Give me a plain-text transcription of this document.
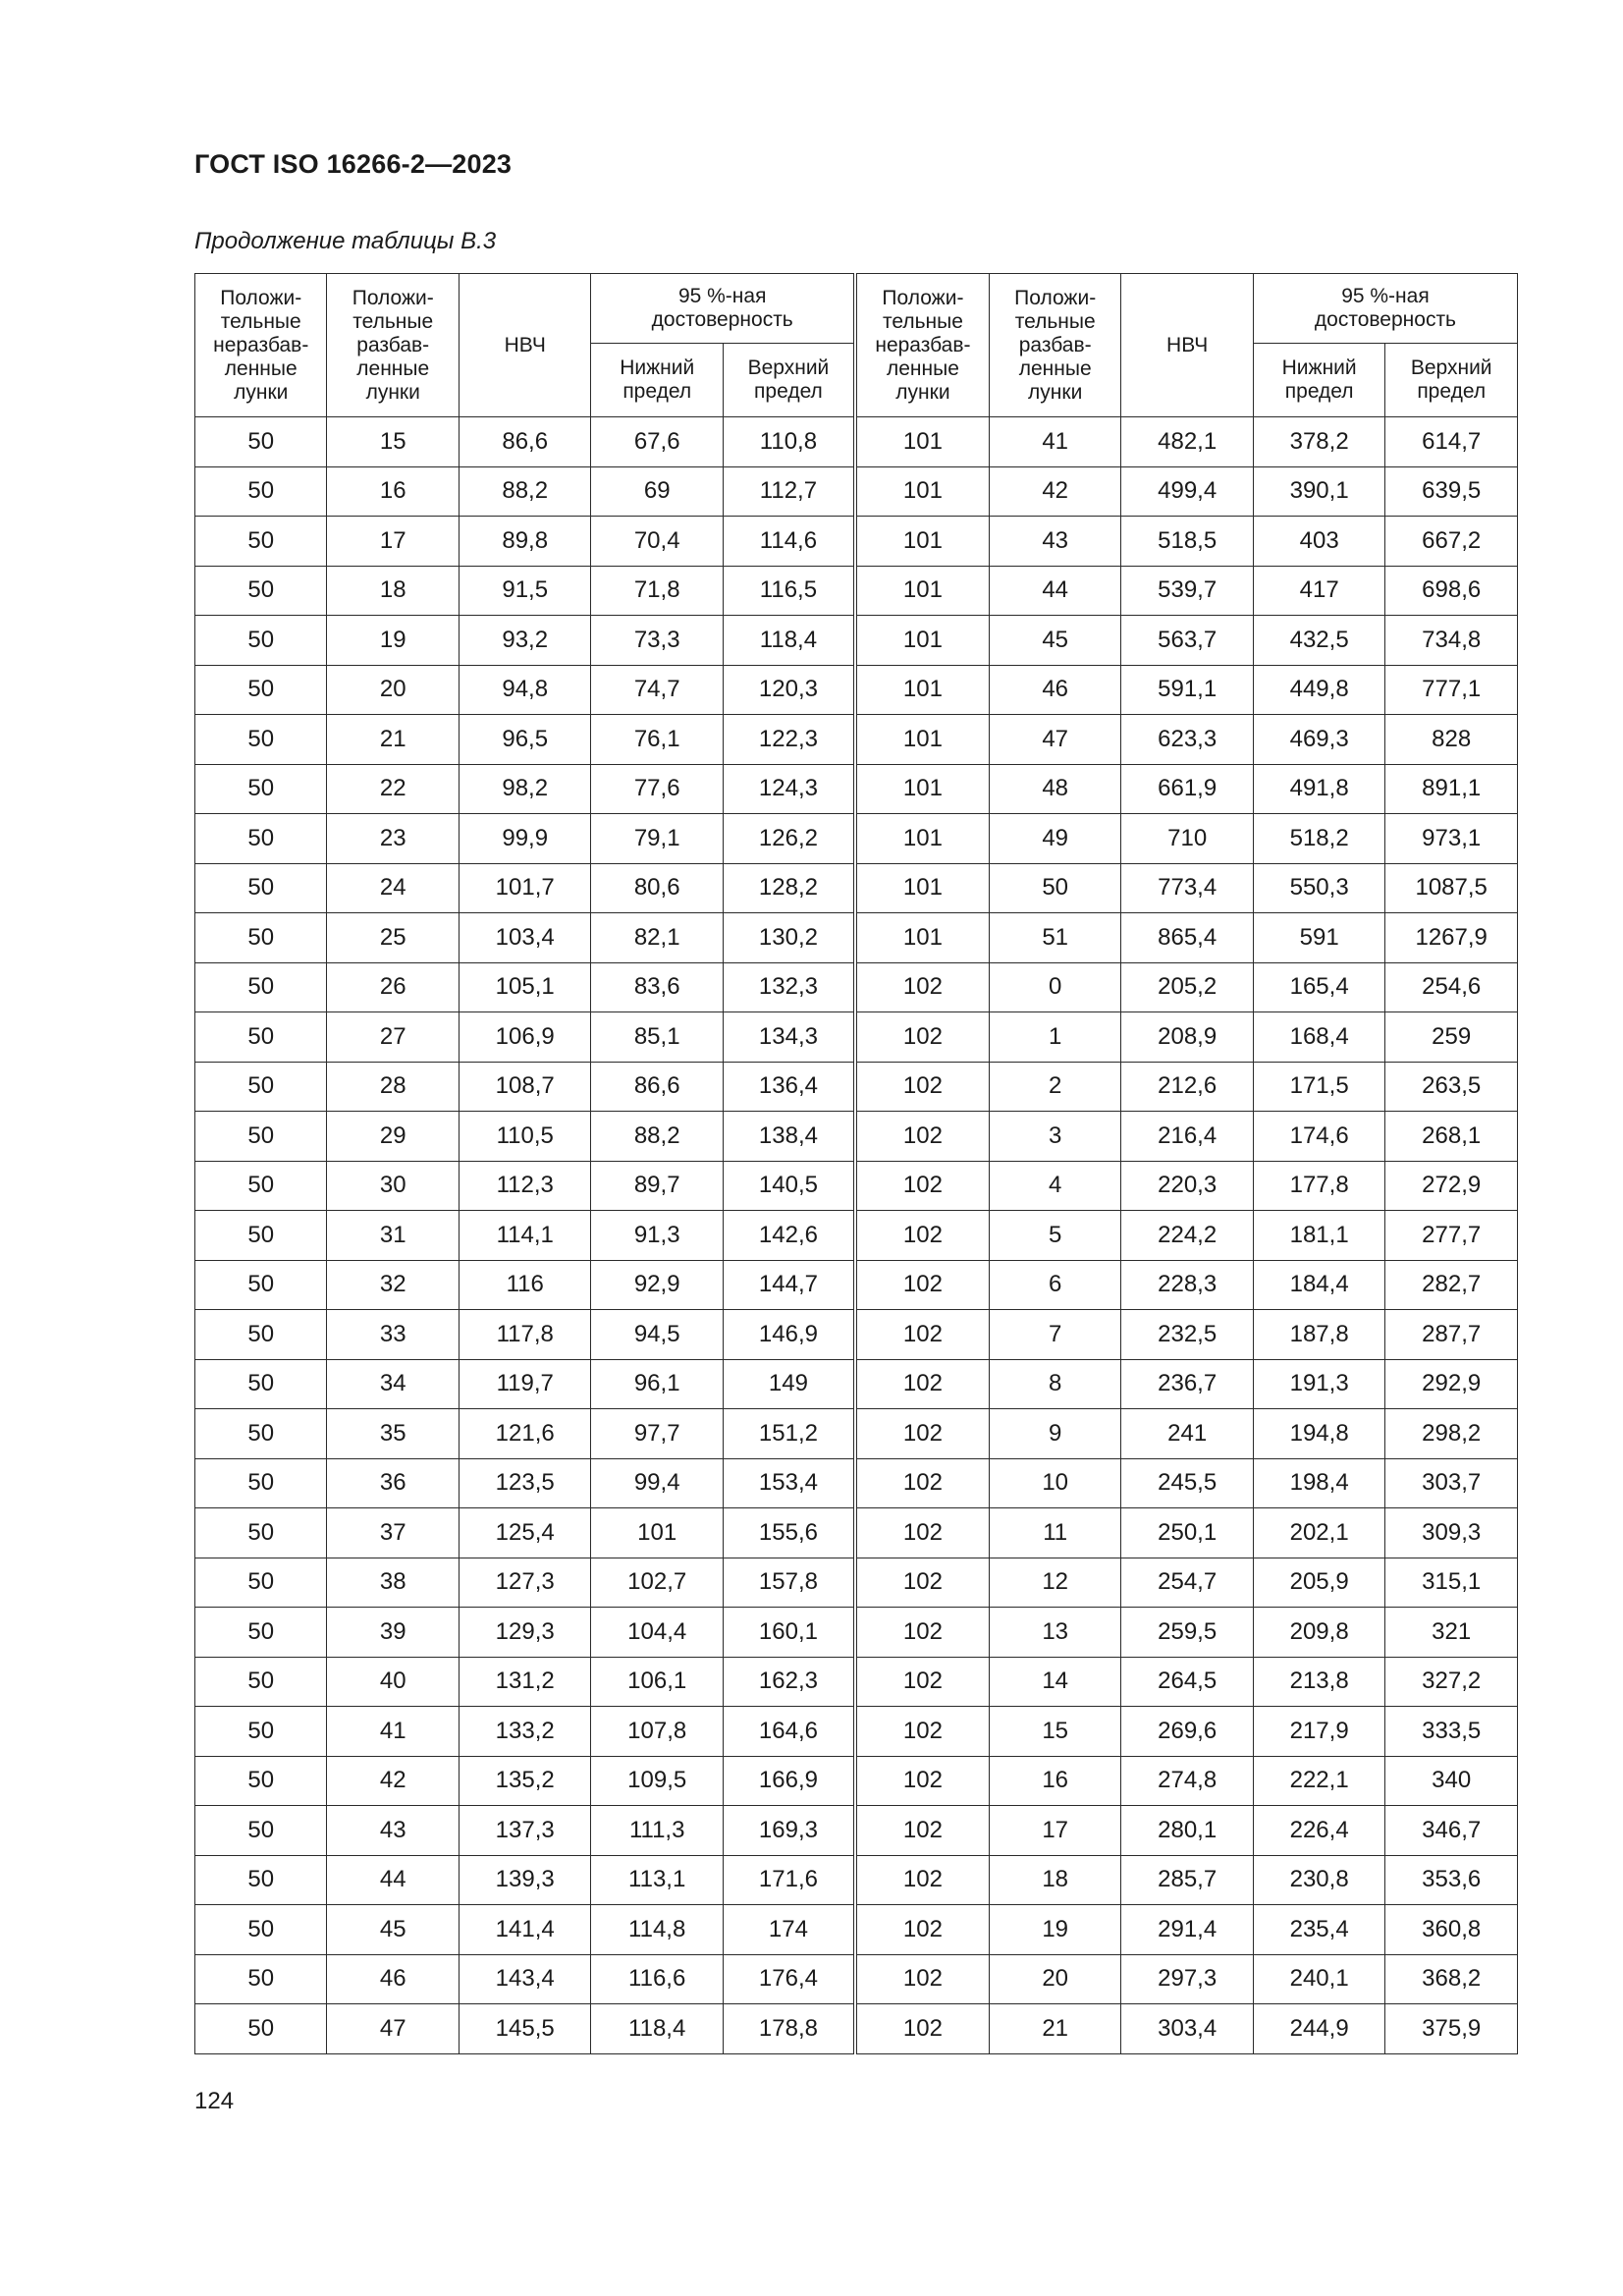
ГОСТ ISO 16266-2—2023
Продолжение таблицы В.3
Положи-
тельные
неразбав-
ленные
лунки	Положи-
тельные
разбав-
ленные
лунки	НВЧ	95 %-ная
достоверность		Положи-
тельные
неразбав-
ленные
лунки	Положи-
тельные
разбав-
ленные
лунки	НВЧ	95 %-ная
достоверность	

			Нижний
предел	Верхний
предел				Нижний
предел	Верхний
предел

50	15	86,6	67,6	110,8	101	41	482,1	378,2	614,7
50	16	88,2	69	112,7	101	42	499,4	390,1	639,5
50	17	89,8	70,4	114,6	101	43	518,5	403	667,2
50	18	91,5	71,8	116,5	101	44	539,7	417	698,6
50	19	93,2	73,3	118,4	101	45	563,7	432,5	734,8
50	20	94,8	74,7	120,3	101	46	591,1	449,8	777,1
50	21	96,5	76,1	122,3	101	47	623,3	469,3	828
50	22	98,2	77,6	124,3	101	48	661,9	491,8	891,1
50	23	99,9	79,1	126,2	101	49	710	518,2	973,1
50	24	101,7	80,6	128,2	101	50	773,4	550,3	1087,5
50	25	103,4	82,1	130,2	101	51	865,4	591	1267,9
50	26	105,1	83,6	132,3	102	0	205,2	165,4	254,6
50	27	106,9	85,1	134,3	102	1	208,9	168,4	259
50	28	108,7	86,6	136,4	102	2	212,6	171,5	263,5
50	29	110,5	88,2	138,4	102	3	216,4	174,6	268,1
50	30	112,3	89,7	140,5	102	4	220,3	177,8	272,9
50	31	114,1	91,3	142,6	102	5	224,2	181,1	277,7
50	32	116	92,9	144,7	102	6	228,3	184,4	282,7
50	33	117,8	94,5	146,9	102	7	232,5	187,8	287,7
50	34	119,7	96,1	149	102	8	236,7	191,3	292,9
50	35	121,6	97,7	151,2	102	9	241	194,8	298,2
50	36	123,5	99,4	153,4	102	10	245,5	198,4	303,7
50	37	125,4	101	155,6	102	11	250,1	202,1	309,3
50	38	127,3	102,7	157,8	102	12	254,7	205,9	315,1
50	39	129,3	104,4	160,1	102	13	259,5	209,8	321
50	40	131,2	106,1	162,3	102	14	264,5	213,8	327,2
50	41	133,2	107,8	164,6	102	15	269,6	217,9	333,5
50	42	135,2	109,5	166,9	102	16	274,8	222,1	340
50	43	137,3	111,3	169,3	102	17	280,1	226,4	346,7
50	44	139,3	113,1	171,6	102	18	285,7	230,8	353,6
50	45	141,4	114,8	174	102	19	291,4	235,4	360,8
50	46	143,4	116,6	176,4	102	20	297,3	240,1	368,2
50	47	145,5	118,4	178,8	102	21	303,4	244,9	375,9
124
